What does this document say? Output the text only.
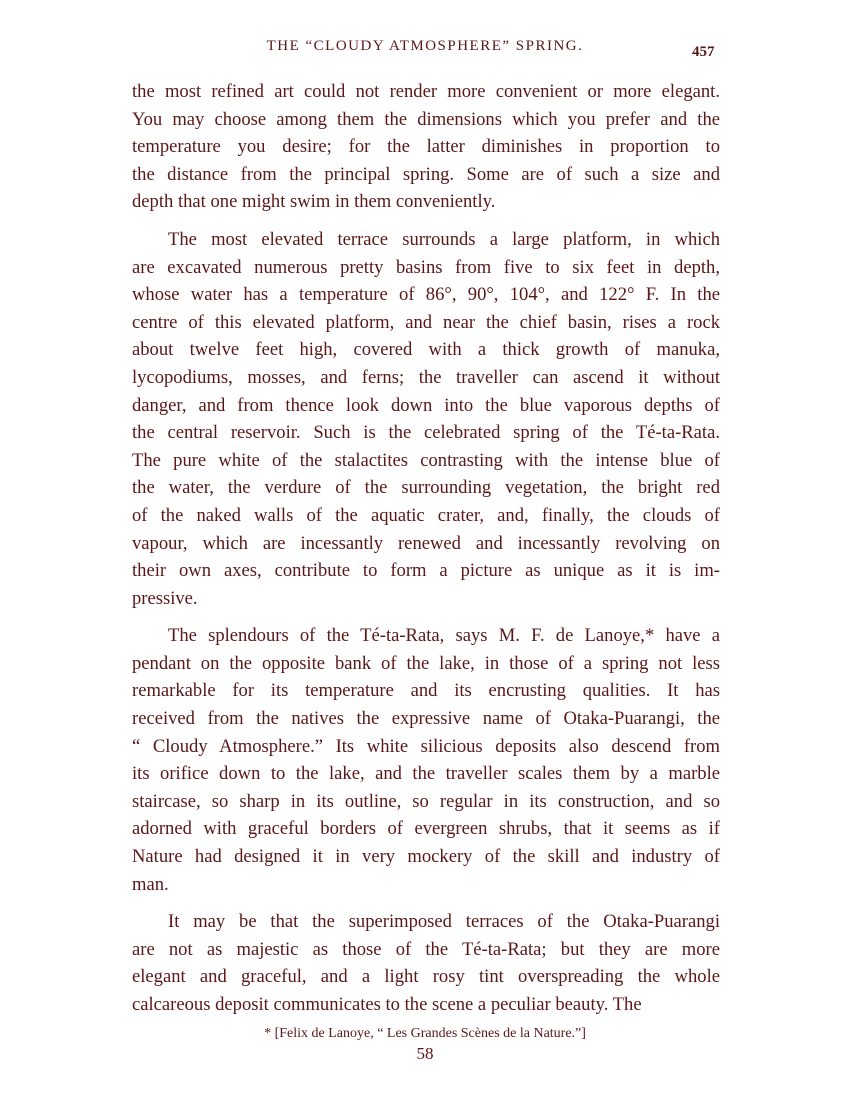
THE “CLOUDY ATMOSPHERE” SPRING.	457
the most refined art could not render more convenient or more elegant.
You may choose among them the dimensions which you prefer and the
temperature you desire; for the latter diminishes in proportion to
the distance from the principal spring. Some are of such a size and
depth that one might swim in them conveniently.
The most elevated terrace surrounds a large platform, in which
are excavated numerous pretty basins from five to six feet in depth,
whose water has a temperature of 86°, 90°, 104°, and 122° F. In the
centre of this elevated platform, and near the chief basin, rises a rock
about twelve feet high, covered with a thick growth of manuka,
lycopodiums, mosses, and ferns; the traveller can ascend it without
danger, and from thence look down into the blue vaporous depths of
the central reservoir. Such is the celebrated spring of the Té-ta-Rata.
The pure white of the stalactites contrasting with the intense blue of
the water, the verdure of the surrounding vegetation, the bright red
of the naked walls of the aquatic crater, and, finally, the clouds of
vapour, which are incessantly renewed and incessantly revolving on
their own axes, contribute to form a picture as unique as it is im-
pressive.
The splendours of the Té-ta-Rata, says M. F. de Lanoye,* have a
pendant on the opposite bank of the lake, in those of a spring not less
remarkable for its temperature and its encrusting qualities. It has
received from the natives the expressive name of Otaka-Puarangi, the
“ Cloudy Atmosphere.” Its white silicious deposits also descend from
its orifice down to the lake, and the traveller scales them by a marble
staircase, so sharp in its outline, so regular in its construction, and so
adorned with graceful borders of evergreen shrubs, that it seems as if
Nature had designed it in very mockery of the skill and industry of
man.
It may be that the superimposed terraces of the Otaka-Puarangi
are not as majestic as those of the Té-ta-Rata; but they are more
elegant and graceful, and a light rosy tint overspreading the whole
calcareous deposit communicates to the scene a peculiar beauty. The
* [Felix de Lanoye, “ Les Grandes Scènes de la Nature.”]
58
